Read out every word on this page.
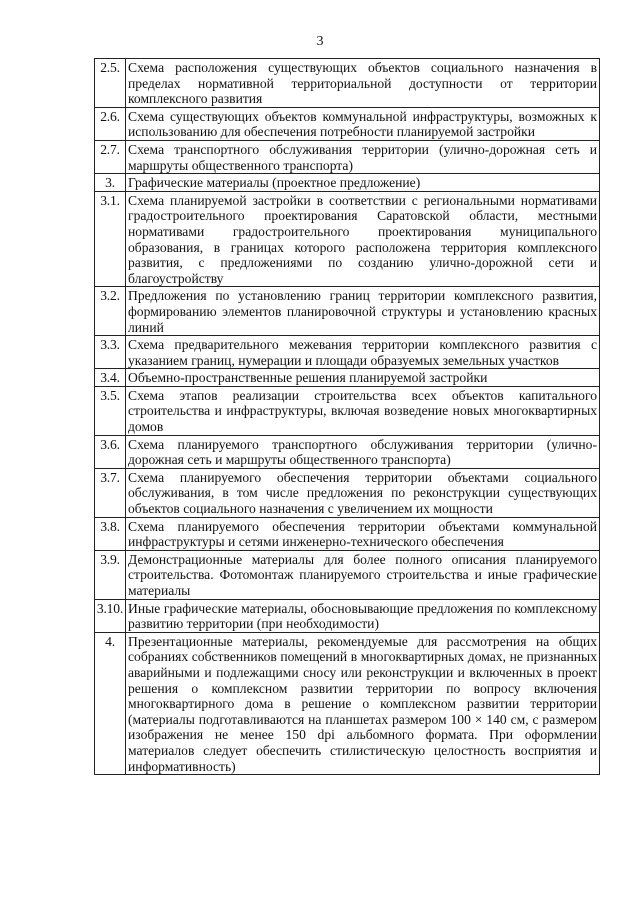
3
2.5.	Схема расположения существующих объектов социального назначения в пределах нормативной территориальной доступности от территории комплексного развития
2.6.	Схема существующих объектов коммунальной инфраструктуры, возможных к использованию для обеспечения потребности планируемой застройки
2.7.	Схема транспортного обслуживания территории (улично-дорожная сеть и маршруты общественного транспорта)
3.	Графические материалы (проектное предложение)
3.1.	Схема планируемой застройки в соответствии с региональными нормативами градостроительного проектирования Саратовской области, местными нормативами градостроительного проектирования муниципального образования, в границах которого расположена территория комплексного развития, с предложениями по созданию улично-дорожной сети и благоустройству
3.2.	Предложения по установлению границ территории комплексного развития, формированию элементов планировочной структуры и установлению красных линий
3.3.	Схема предварительного межевания территории комплексного развития с указанием границ, нумерации и площади образуемых земельных участков
3.4.	Объемно-пространственные решения планируемой застройки
3.5.	Схема этапов реализации строительства всех объектов капитального строительства и инфраструктуры, включая возведение новых многоквартирных домов
3.6.	Схема планируемого транспортного обслуживания территории (улично-дорожная сеть и маршруты общественного транспорта)
3.7.	Схема планируемого обеспечения территории объектами социального обслуживания, в том числе предложения по реконструкции существующих объектов социального назначения с увеличением их мощности
3.8.	Схема планируемого обеспечения территории объектами коммунальной инфраструктуры и сетями инженерно-технического обеспечения
3.9.	Демонстрационные материалы для более полного описания планируемого строительства. Фотомонтаж планируемого строительства и иные графические материалы
3.10.	Иные графические материалы, обосновывающие предложения по комплексному развитию территории (при необходимости)
4.	Презентационные материалы, рекомендуемые для рассмотрения на общих собраниях собственников помещений в многоквартирных домах, не признанных аварийными и подлежащими сносу или реконструкции и включенных в проект решения о комплексном развитии территории по вопросу включения многоквартирного дома в решение о комплексном развитии территории (материалы подготавливаются на планшетах размером 100 × 140 см, с размером изображения не менее 150 dpi альбомного формата. При оформлении материалов следует обеспечить стилистическую целостность восприятия и информативность)
